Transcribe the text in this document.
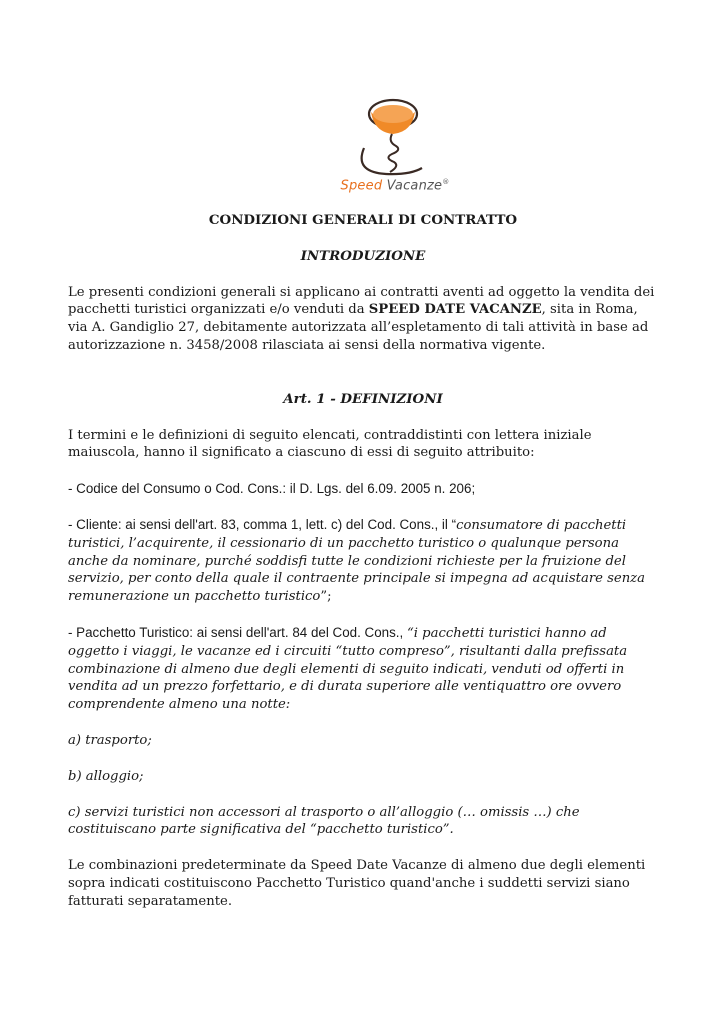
Speed Vacanze®

CONDIZIONI GENERALI DI CONTRATTO

INTRODUZIONE

Le presenti condizioni generali si applicano ai contratti aventi ad oggetto la vendita dei pacchetti turistici organizzati e/o venduti da SPEED DATE VACANZE, sita in Roma, via A. Gandiglio 27, debitamente autorizzata all’espletamento di tali attività in base ad autorizzazione n. 3458/2008 rilasciata ai sensi della normativa vigente.

Art. 1 - DEFINIZIONI

I termini e le definizioni di seguito elencati, contraddistinti con lettera iniziale maiuscola, hanno il significato a ciascuno di essi di seguito attribuito:

- Codice del Consumo o Cod. Cons.: il D. Lgs. del 6.09. 2005 n. 206;

- Cliente: ai sensi dell'art. 83, comma 1, lett. c) del Cod. Cons., il “consumatore di pacchetti turistici, l’acquirente, il cessionario di un pacchetto turistico o qualunque persona anche da nominare, purché soddisfi tutte le condizioni richieste per la fruizione del servizio, per conto della quale il contraente principale si impegna ad acquistare senza remunerazione un pacchetto turistico”;

- Pacchetto Turistico: ai sensi dell'art. 84 del Cod. Cons., “i pacchetti turistici hanno ad oggetto i viaggi, le vacanze ed i circuiti “tutto compreso”, risultanti dalla prefissata combinazione di almeno due degli elementi di seguito indicati, venduti od offerti in vendita ad un prezzo forfettario, e di durata superiore alle ventiquattro ore ovvero comprendente almeno una notte:

a) trasporto;

b) alloggio;

c) servizi turistici non accessori al trasporto o all’alloggio (… omissis …) che costituiscano parte significativa del “pacchetto turistico”.

Le combinazioni predeterminate da Speed Date Vacanze di almeno due degli elementi sopra indicati costituiscono Pacchetto Turistico quand'anche i suddetti servizi siano fatturati separatamente.
